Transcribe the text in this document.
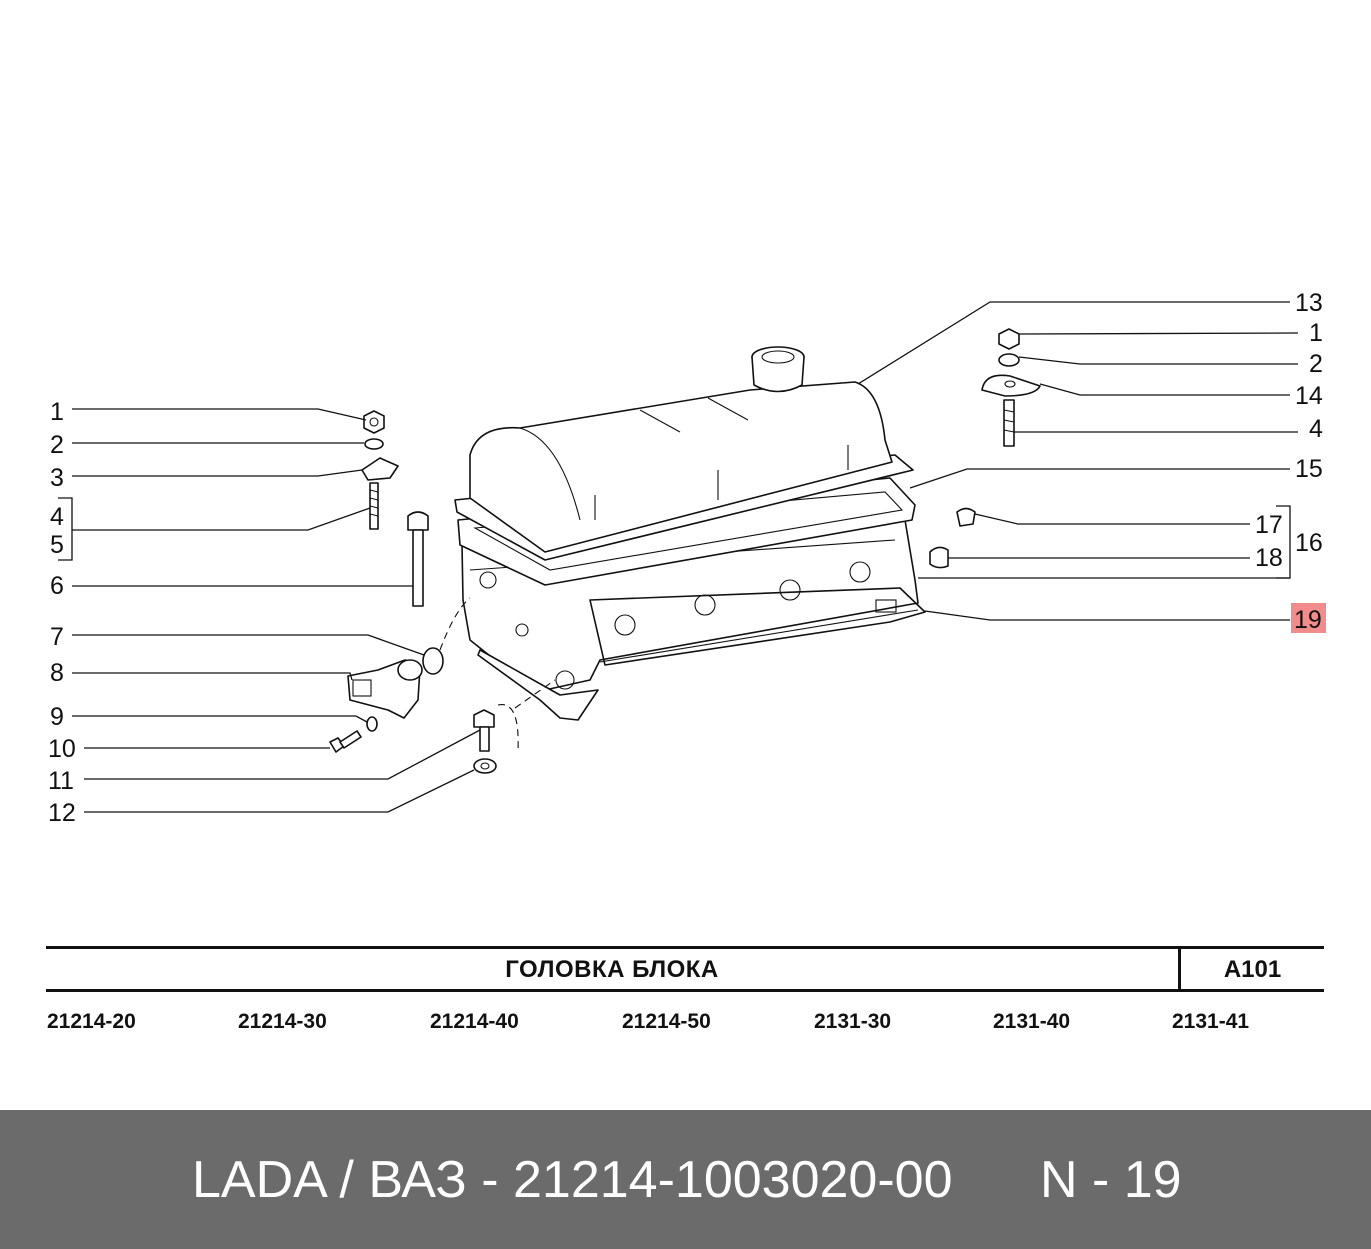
1
2
3
4
5
6
7
8
9
10
11
12
13
1
2
14
4
15
17
16
18
19
ГОЛОВКА БЛОКА	A101
21214-20	21214-30	21214-40	21214-50	2131-30	2131-40	2131-41
LADA / ВАЗ - 21214-1003020-00 N - 19
